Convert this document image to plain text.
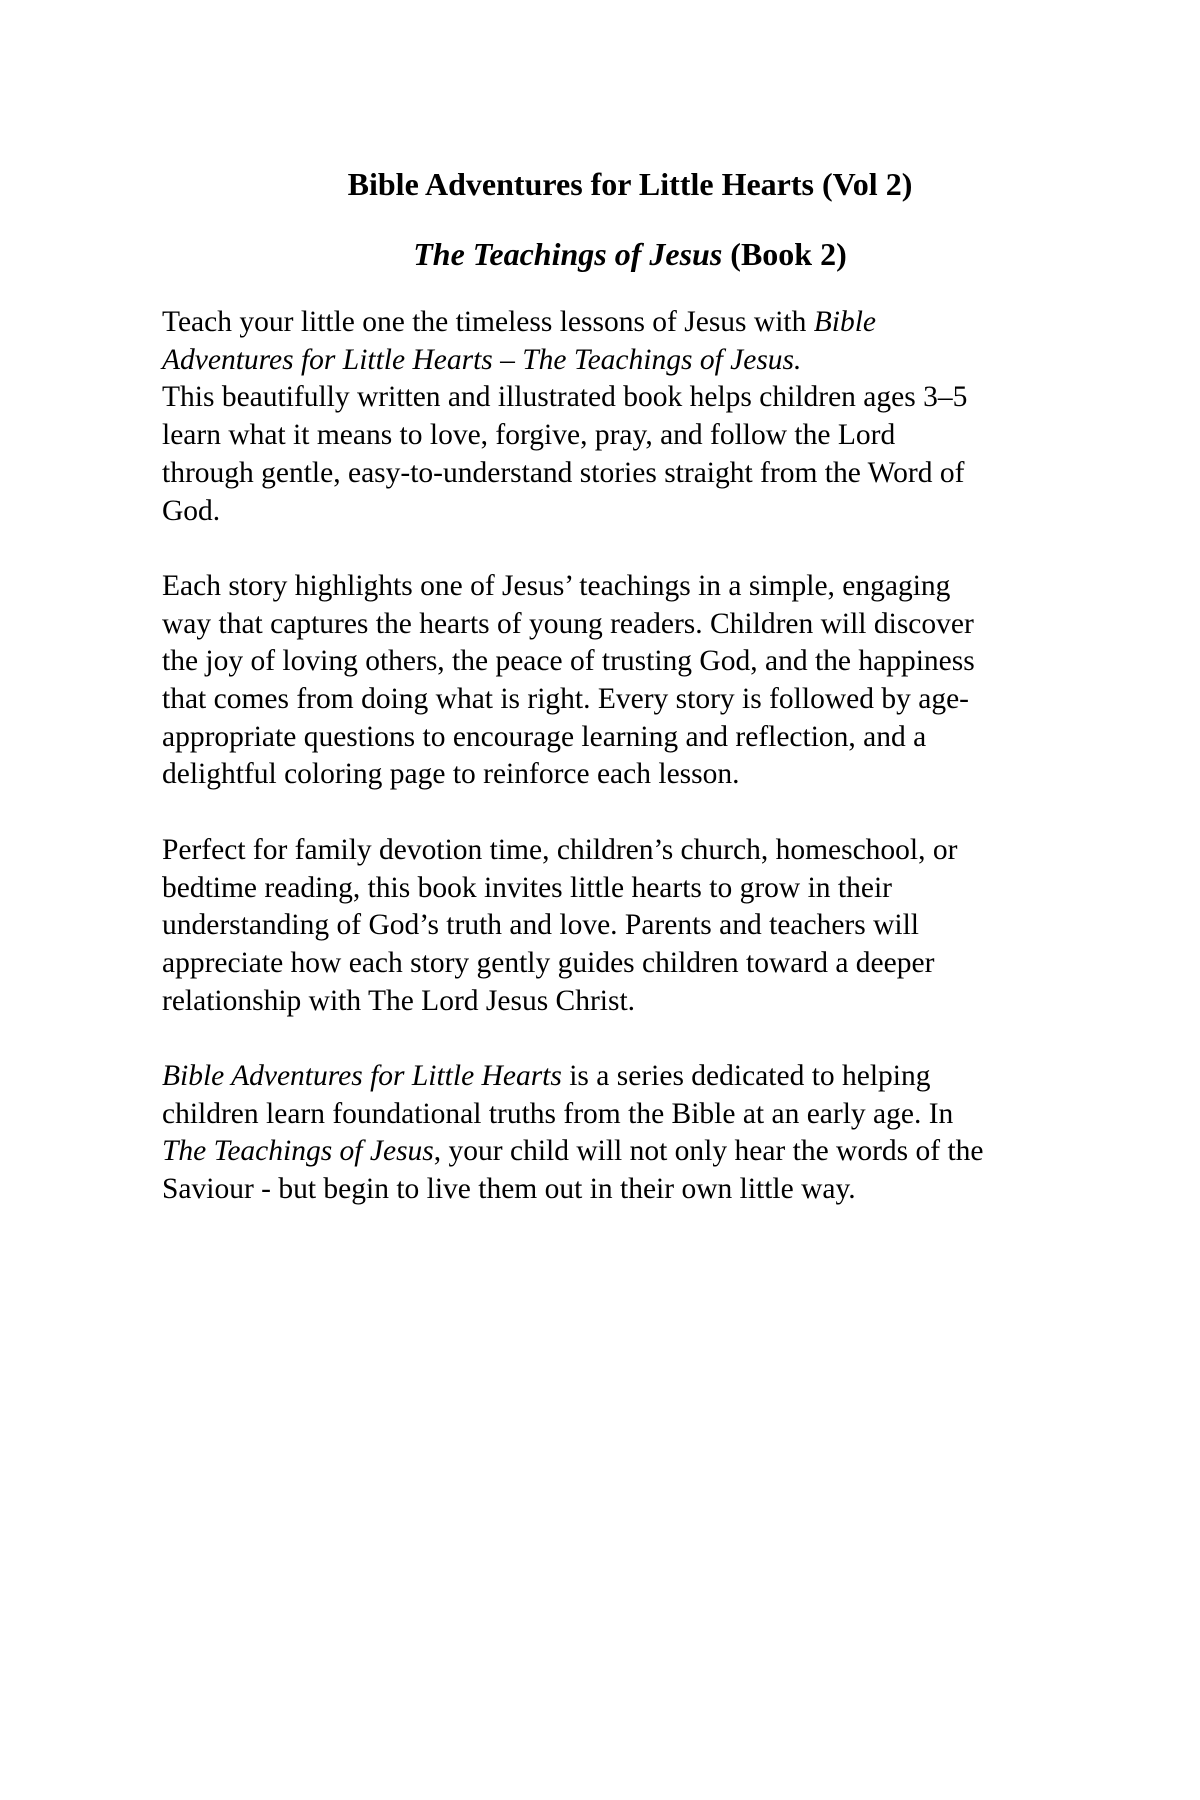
Bible Adventures for Little Hearts (Vol 2)
The Teachings of Jesus (Book 2)

Teach your little one the timeless lessons of Jesus with Bible
Adventures for Little Hearts – The Teachings of Jesus.
This beautifully written and illustrated book helps children ages 3–5
learn what it means to love, forgive, pray, and follow the Lord
through gentle, easy-to-understand stories straight from the Word of
God.

Each story highlights one of Jesus’ teachings in a simple, engaging
way that captures the hearts of young readers. Children will discover
the joy of loving others, the peace of trusting God, and the happiness
that comes from doing what is right. Every story is followed by age-
appropriate questions to encourage learning and reflection, and a
delightful coloring page to reinforce each lesson.

Perfect for family devotion time, children’s church, homeschool, or
bedtime reading, this book invites little hearts to grow in their
understanding of God’s truth and love. Parents and teachers will
appreciate how each story gently guides children toward a deeper
relationship with The Lord Jesus Christ.

Bible Adventures for Little Hearts is a series dedicated to helping
children learn foundational truths from the Bible at an early age. In
The Teachings of Jesus, your child will not only hear the words of the
Saviour - but begin to live them out in their own little way.
